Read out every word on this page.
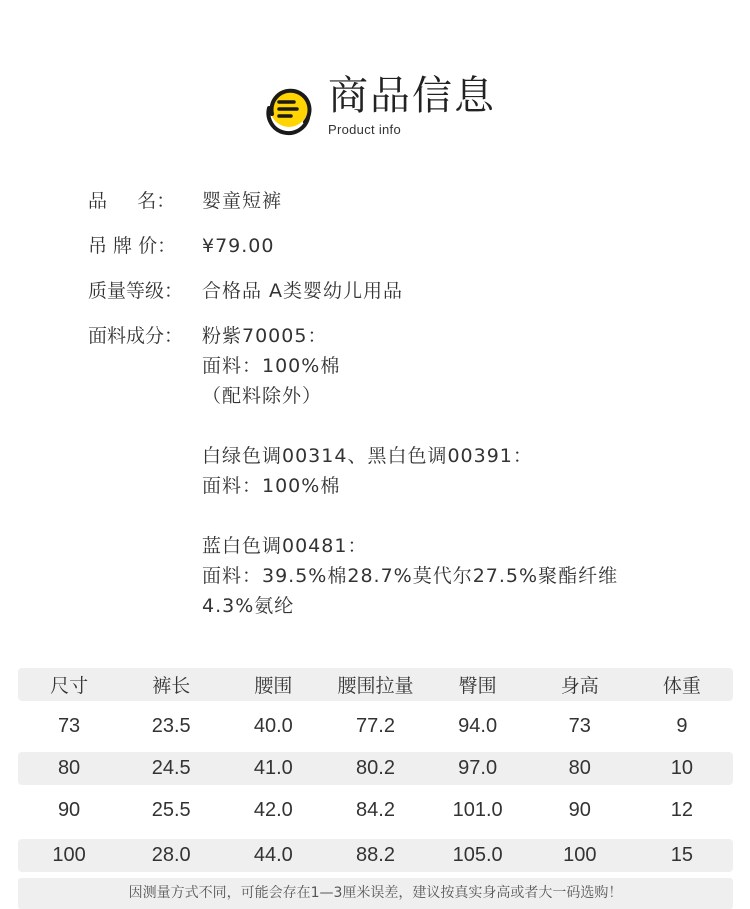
商品信息
Product info
品     名：	婴童短裤
吊 牌 价：	¥79.00
质量等级： 合格品 A类婴幼儿用品
面料成分： 粉紫70005：
面料：100%棉
（配料除外）
白绿色调00314、黑白色调00391：
面料：100%棉
蓝白色调00481：
面料：39.5%棉28.7%莫代尔27.5%聚酯纤维
4.3%氨纶
尺寸	裤长	腰围	腰围拉量	臀围	身高	体重
73	23.5	40.0	77.2	94.0	73	9
80	24.5	41.0	80.2	97.0	80	10
90	25.5	42.0	84.2	101.0	90	12
100	28.0	44.0	88.2	105.0	100	15
因测量方式不同，可能会存在1—3厘米误差，建议按真实身高或者大一码选购！
